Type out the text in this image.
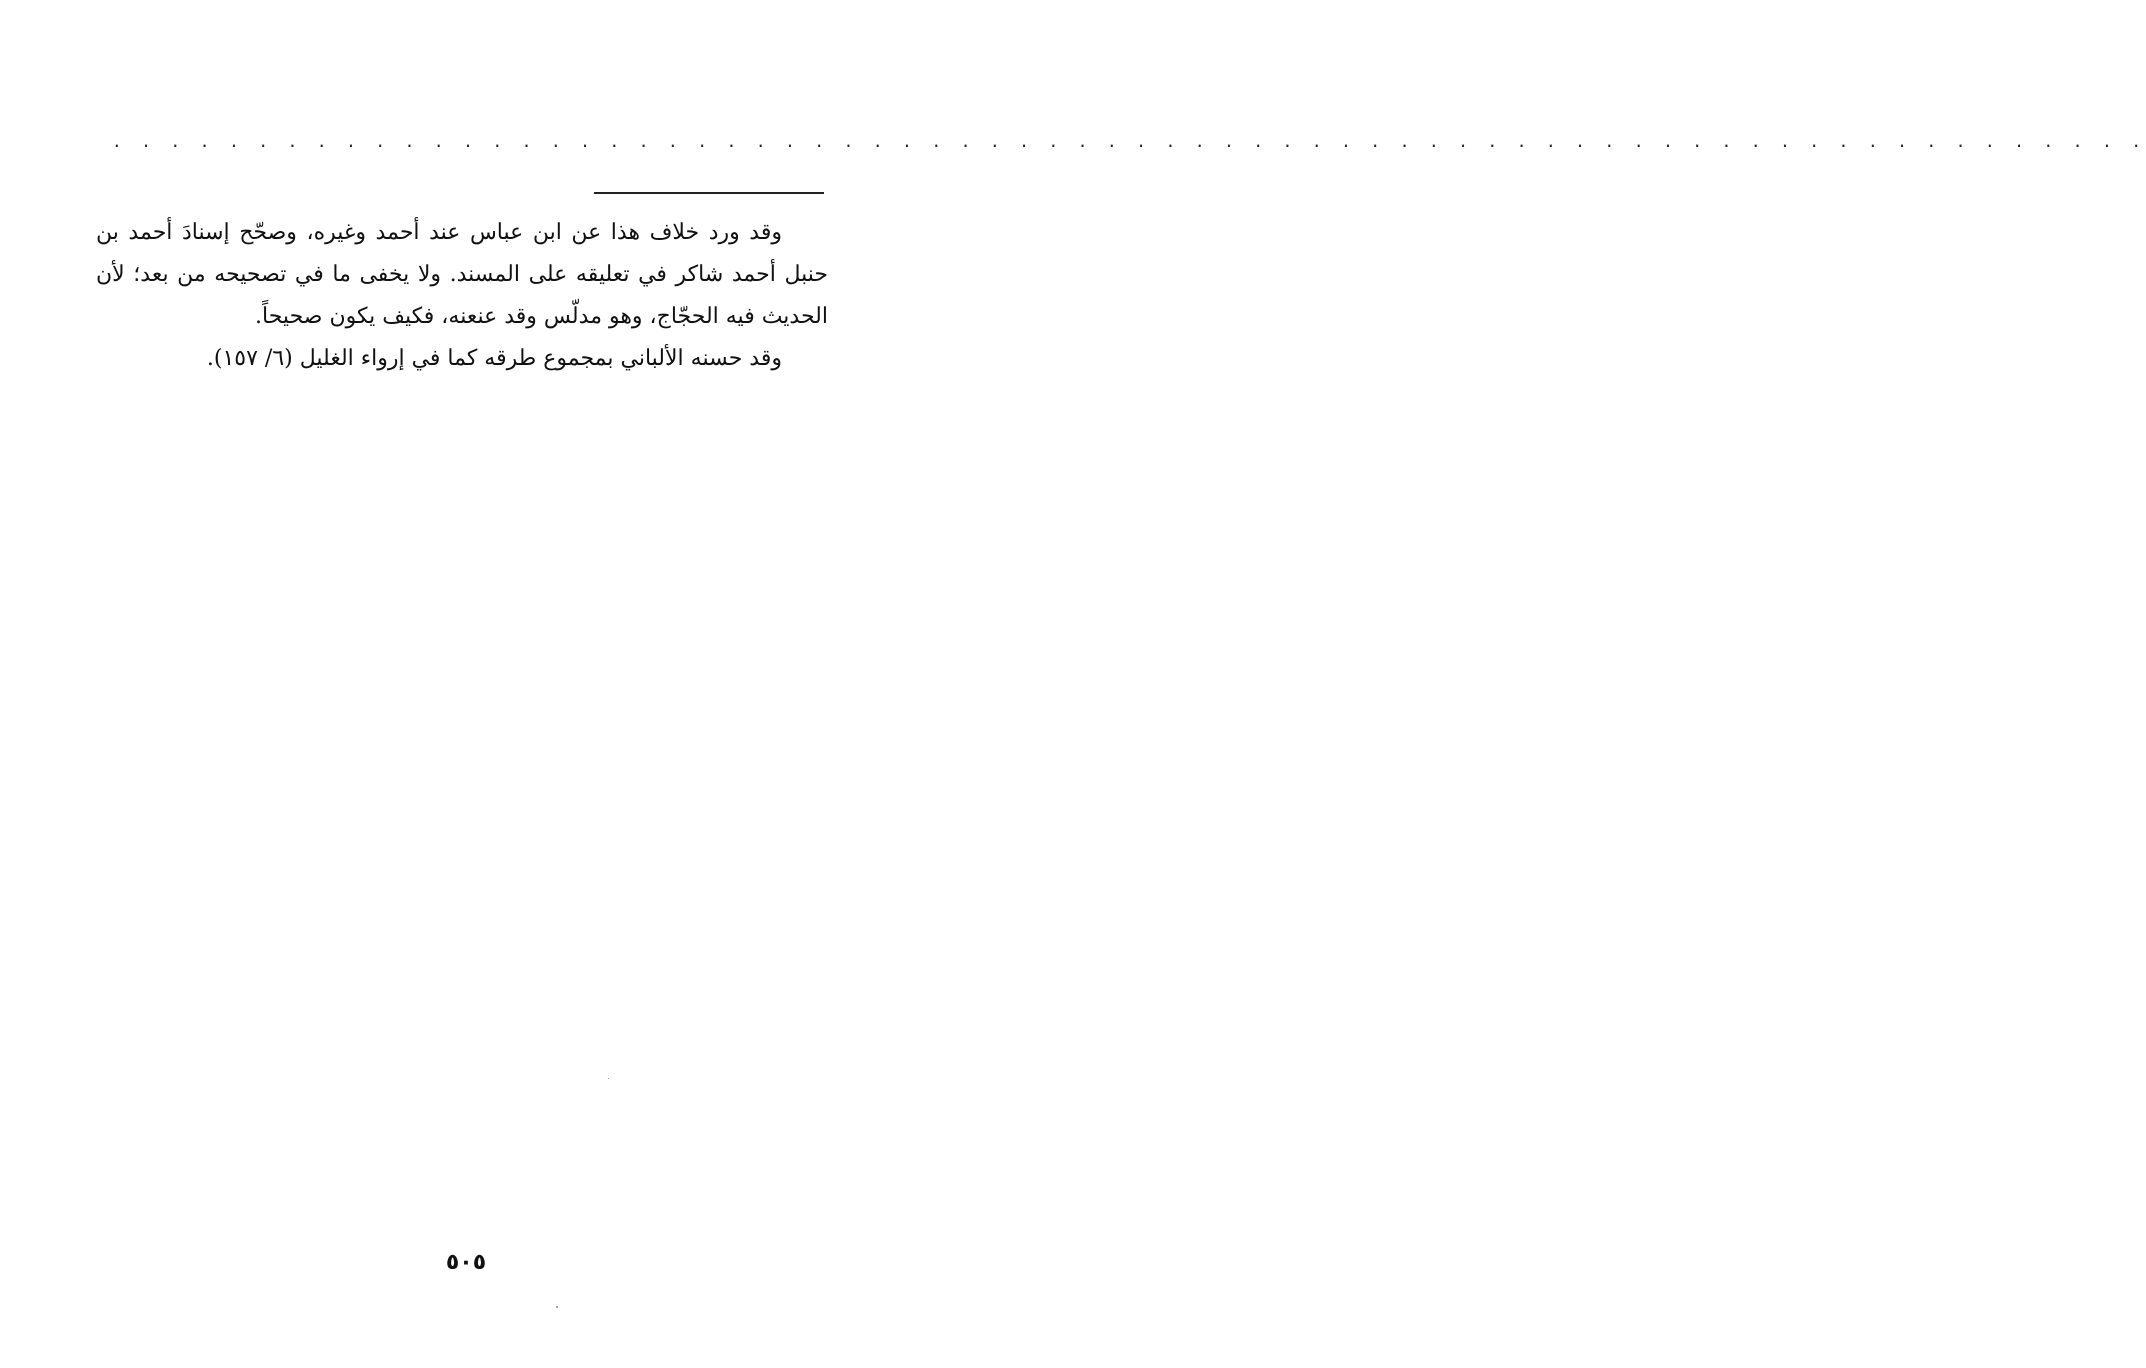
. . . . . . . . . . . . . . . . . . . . . . . . . . . . . . . . . . . . . . . . . . . . . . . . . . . . . . . . . . . . . . . . . . . . . .

وقد ورد خلاف هذا عن ابن عباس عند أحمد وغيره، وصحّح إسنادَ أحمد بن حنبل أحمد شاكر في تعليقه على المسند. ولا يخفى ما في تصحيحه من بعد؛ لأن الحديث فيه الحجّاج، وهو مدلّس وقد عنعنه، فكيف يكون صحيحاً.

وقد حسنه الألباني بمجموع طرقه كما في إرواء الغليل (٦/ ١٥٧).

٥٠٥
